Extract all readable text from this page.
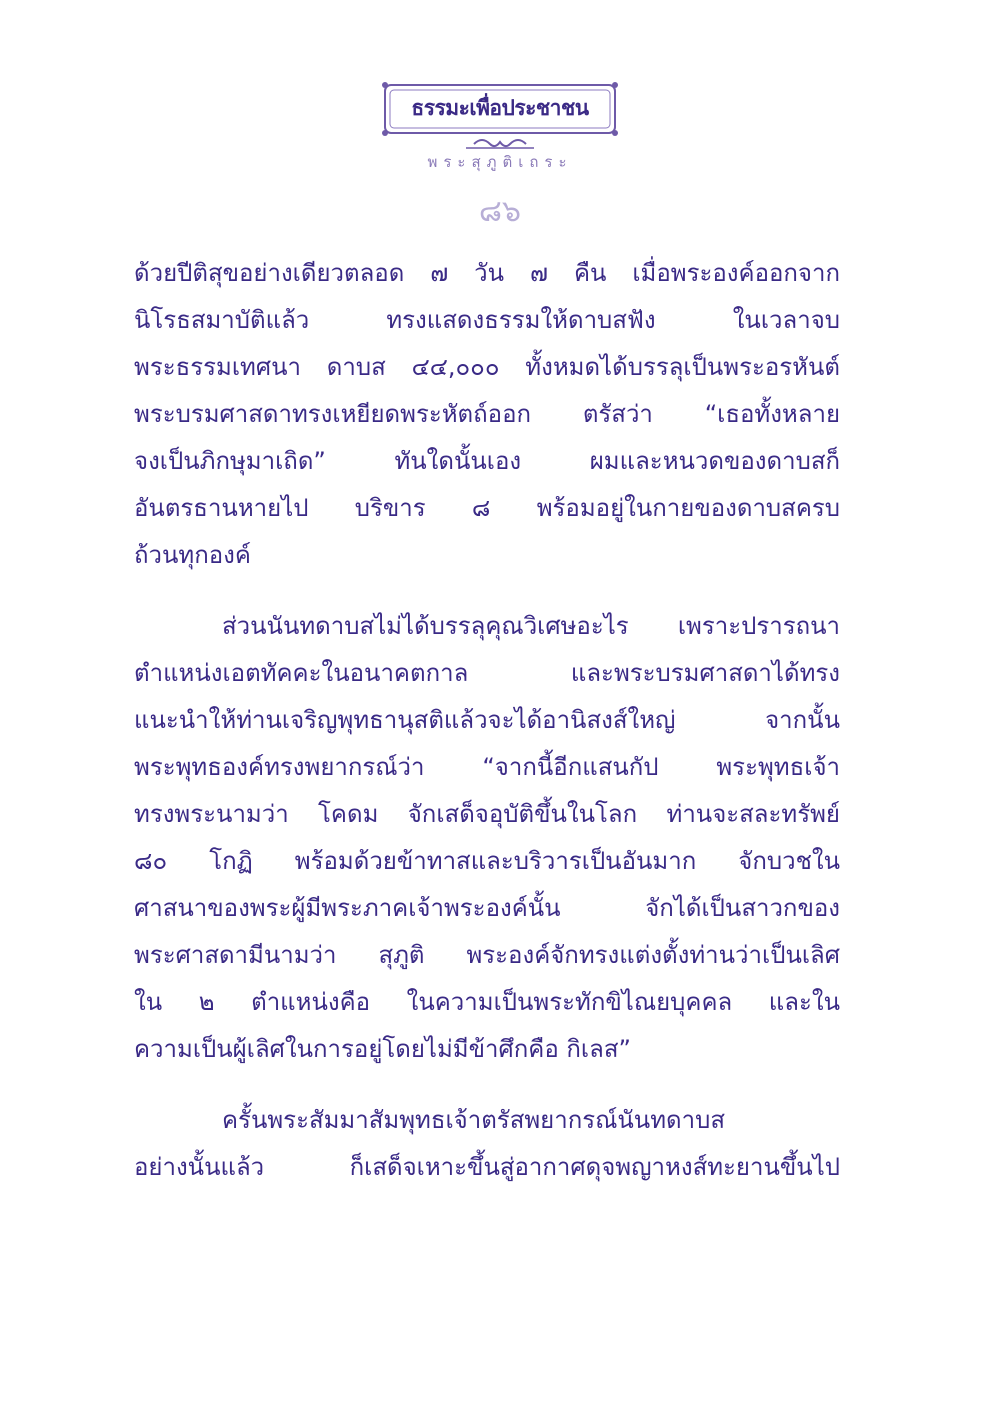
ธรรมะเพื่อประชาชน
พระสุภูติเถระ
๘๖

ด้วยปีติสุขอย่างเดียวตลอด ๗ วัน ๗ คืน เมื่อพระองค์ออกจาก
นิโรธสมาบัติแล้ว ทรงแสดงธรรมให้ดาบสฟัง ในเวลาจบ
พระธรรมเทศนา ดาบส ๔๔,๐๐๐ ทั้งหมดได้บรรลุเป็นพระอรหันต์
พระบรมศาสดาทรงเหยียดพระหัตถ์ออก ตรัสว่า “เธอทั้งหลาย
จงเป็นภิกษุมาเถิด” ทันใดนั้นเอง ผมและหนวดของดาบสก็
อันตรธานหายไป บริขาร ๘ พร้อมอยู่ในกายของดาบสครบ
ถ้วนทุกองค์

ส่วนนันทดาบสไม่ได้บรรลุคุณวิเศษอะไร เพราะปรารถนา
ตำแหน่งเอตทัคคะในอนาคตกาล และพระบรมศาสดาได้ทรง
แนะนำให้ท่านเจริญพุทธานุสติแล้วจะได้อานิสงส์ใหญ่ จากนั้น
พระพุทธองค์ทรงพยากรณ์ว่า “จากนี้อีกแสนกัป พระพุทธเจ้า
ทรงพระนามว่า โคดม จักเสด็จอุบัติขึ้นในโลก ท่านจะสละทรัพย์
๘๐ โกฏิ พร้อมด้วยข้าทาสและบริวารเป็นอันมาก จักบวชใน
ศาสนาของพระผู้มีพระภาคเจ้าพระองค์นั้น จักได้เป็นสาวกของ
พระศาสดามีนามว่า สุภูติ พระองค์จักทรงแต่งตั้งท่านว่าเป็นเลิศ
ใน ๒ ตำแหน่งคือ ในความเป็นพระทักขิไณยบุคคล และใน
ความเป็นผู้เลิศในการอยู่โดยไม่มีข้าศึกคือ กิเลส”

ครั้นพระสัมมาสัมพุทธเจ้าตรัสพยากรณ์นันทดาบส
อย่างนั้นแล้ว ก็เสด็จเหาะขึ้นสู่อากาศดุจพญาหงส์ทะยานขึ้นไป
